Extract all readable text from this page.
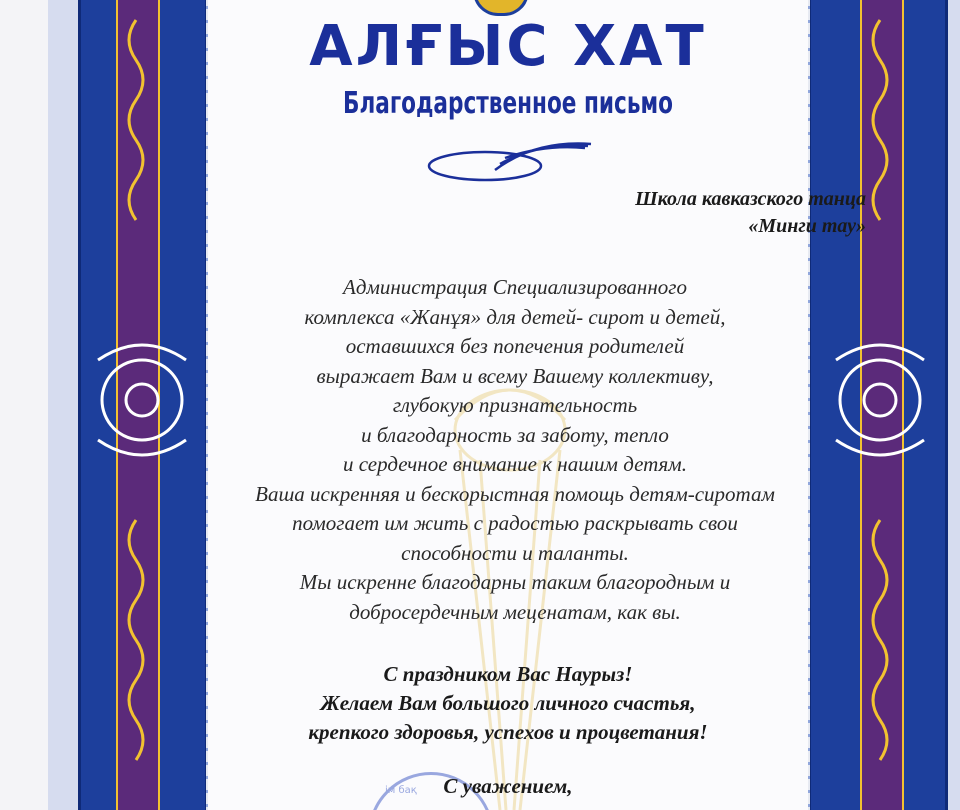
АЛҒЫС ХАТ
Благодарственное письмо
Школа кавказского танца
«Минги тау»
Администрация Специализированного
комплекса «Жанұя» для детей- сирот и детей,
оставшихся без попечения родителей
выражает Вам и всему Вашему коллективу,
глубокую признательность
и благодарность за заботу, тепло
и сердечное внимание к нашим детям.
Ваша искренняя и бескорыстная помощь детям-сиротам
помогает им жить с радостью раскрывать свои
способности и таланты.
Мы искренне благодарны таким благородным и
добросердечным меценатам, как вы.
С праздником Вас Наурыз!
Желаем Вам большого личного счастья,
крепкого здоровья, успехов и процветания!
ім бақ	С уважением,
